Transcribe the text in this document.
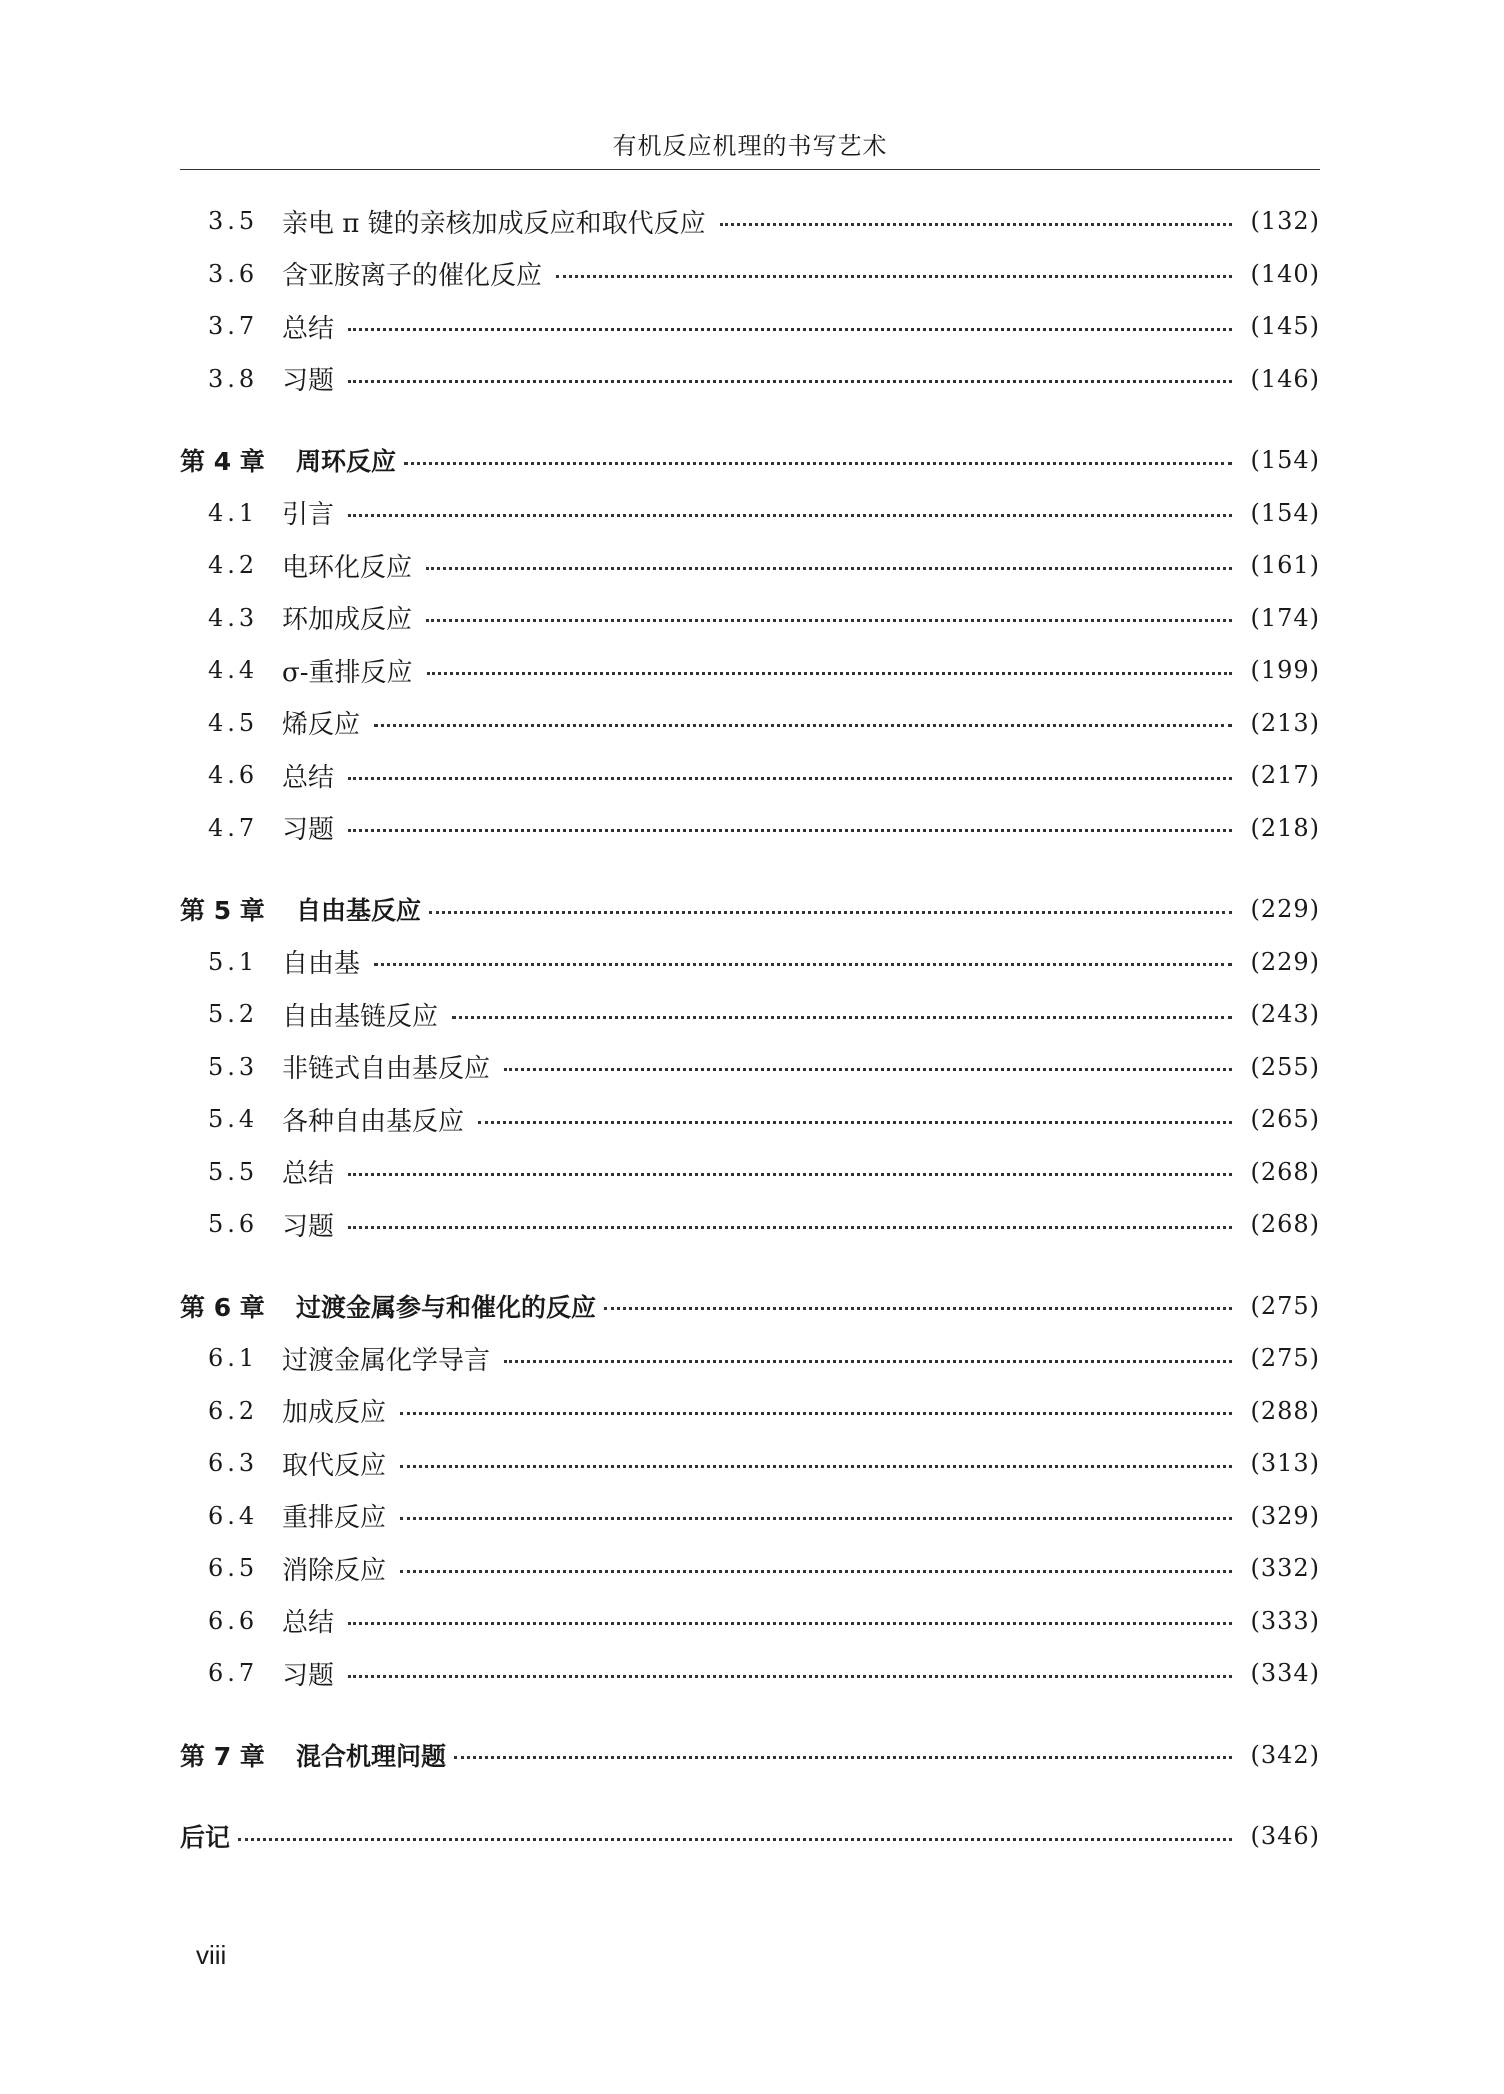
有机反应机理的书写艺术
3.5 亲电 π 键的亲核加成反应和取代反应	(132)
3.6 含亚胺离子的催化反应	(140)
3.7 总结	(145)
3.8 习题	(146)
第 4 章	周环反应	(154)
4.1 引言	(154)
4.2 电环化反应	(161)
4.3 环加成反应	(174)
4.4 σ-重排反应	(199)
4.5 烯反应	(213)
4.6 总结	(217)
4.7 习题	(218)
第 5 章	自由基反应	(229)
5.1 自由基	(229)
5.2 自由基链反应	(243)
5.3 非链式自由基反应	(255)
5.4 各种自由基反应	(265)
5.5 总结	(268)
5.6 习题	(268)
第 6 章	过渡金属参与和催化的反应	(275)
6.1 过渡金属化学导言	(275)
6.2 加成反应	(288)
6.3 取代反应	(313)
6.4 重排反应	(329)
6.5 消除反应	(332)
6.6 总结	(333)
6.7 习题	(334)
第 7 章	混合机理问题	(342)
后记	(346)
viii
